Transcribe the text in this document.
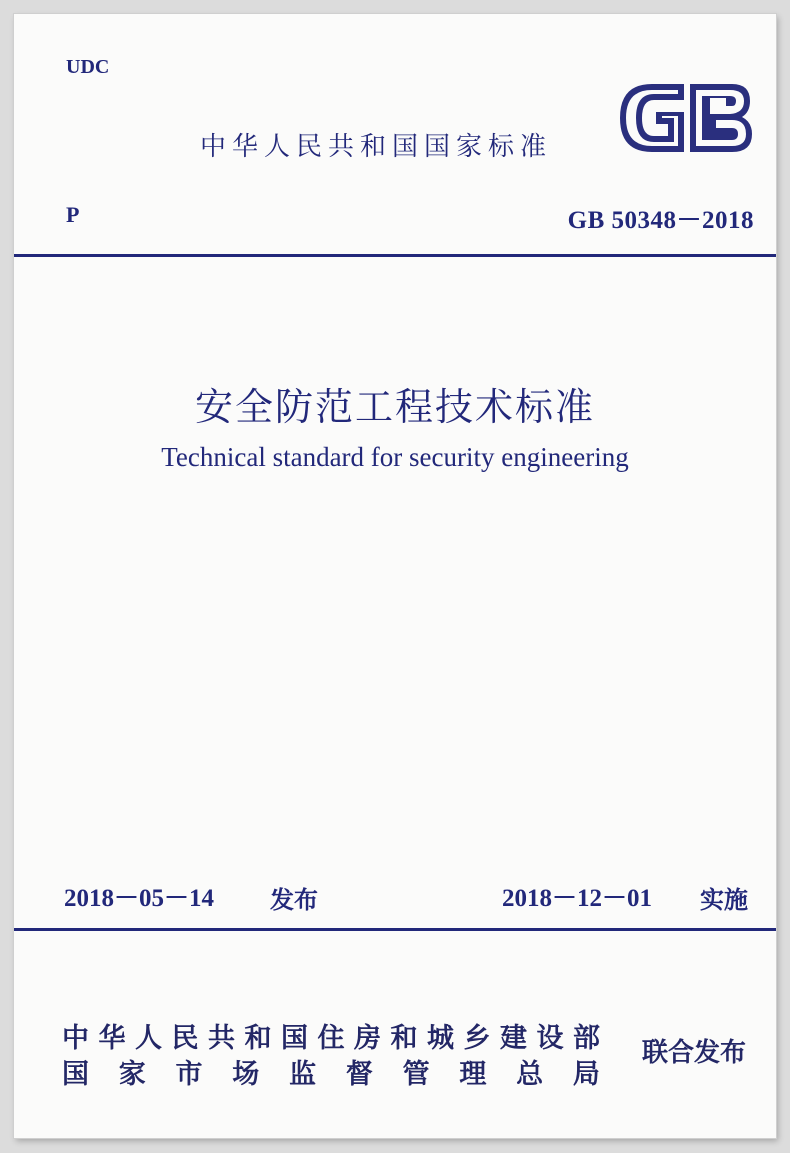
UDC
中华人民共和国国家标准
P	GB 50348－2018
安全防范工程技术标准
Technical standard for security engineering
2018－05－14 发布	2018－12－01 实施
中 华 人 民 共 和 国 住 房 和 城 乡 建 设 部
国 家 市 场 监 督 管 理 总 局
联合发布
